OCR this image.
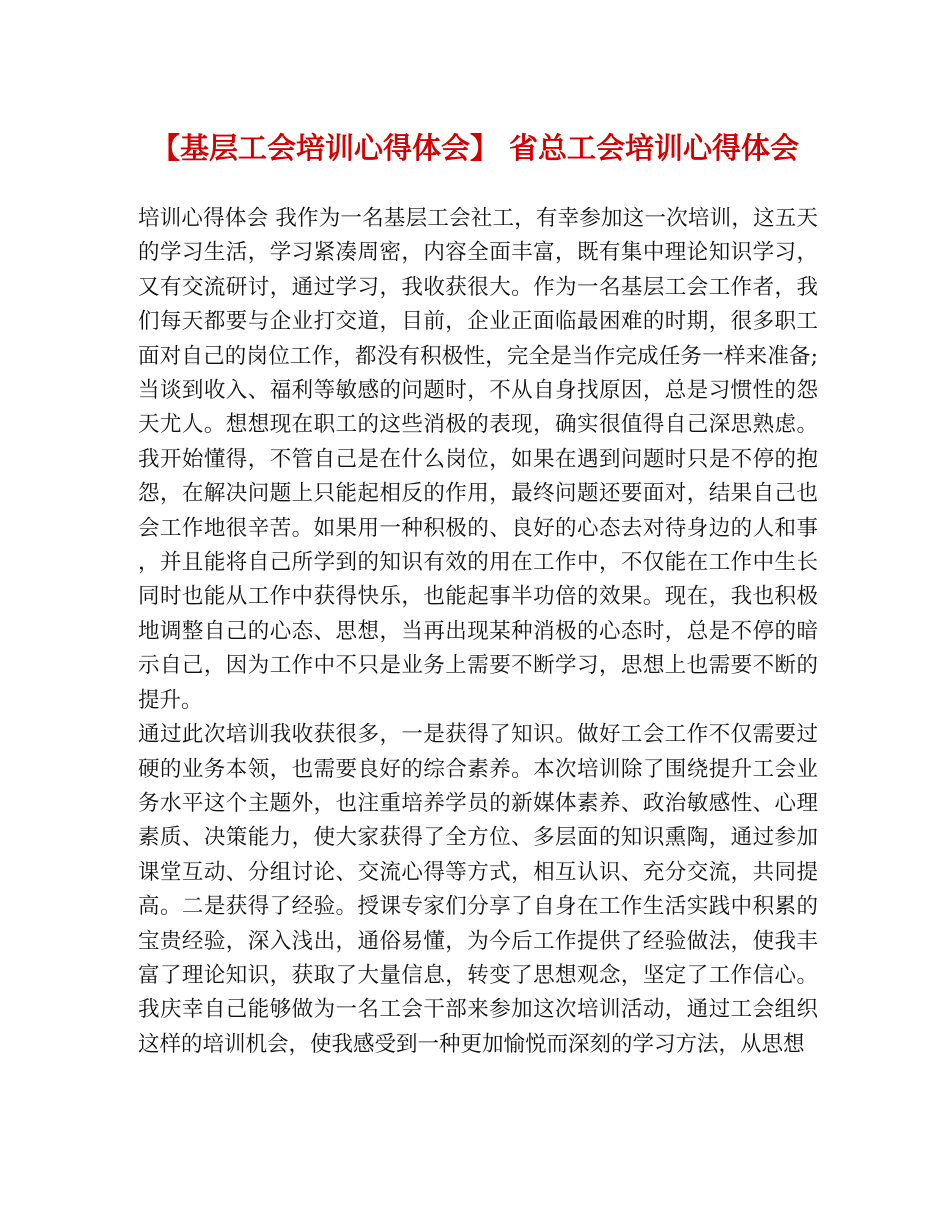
【基层工会培训心得体会】 省总工会培训心得体会

培训心得体会 我作为一名基层工会社工，有幸参加这一次培训，这五天的学习生活，学习紧凑周密，内容全面丰富，既有集中理论知识学习，又有交流研讨，通过学习，我收获很大。作为一名基层工会工作者，我们每天都要与企业打交道，目前，企业正面临最困难的时期，很多职工面对自己的岗位工作，都没有积极性，完全是当作完成任务一样来准备;当谈到收入、福利等敏感的问题时，不从自身找原因，总是习惯性的怨天尤人。想想现在职工的这些消极的表现，确实很值得自己深思熟虑。我开始懂得，不管自己是在什么岗位，如果在遇到问题时只是不停的抱怨，在解决问题上只能起相反的作用，最终问题还要面对，结果自己也会工作地很辛苦。如果用一种积极的、良好的心态去对待身边的人和事，并且能将自己所学到的知识有效的用在工作中，不仅能在工作中生长同时也能从工作中获得快乐，也能起事半功倍的效果。现在，我也积极地调整自己的心态、思想，当再出现某种消极的心态时，总是不停的暗示自己，因为工作中不只是业务上需要不断学习，思想上也需要不断的提升。

通过此次培训我收获很多，一是获得了知识。做好工会工作不仅需要过硬的业务本领，也需要良好的综合素养。本次培训除了围绕提升工会业务水平这个主题外，也注重培养学员的新媒体素养、政治敏感性、心理素质、决策能力，使大家获得了全方位、多层面的知识熏陶，通过参加课堂互动、分组讨论、交流心得等方式，相互认识、充分交流，共同提高。二是获得了经验。授课专家们分享了自身在工作生活实践中积累的宝贵经验，深入浅出，通俗易懂，为今后工作提供了经验做法，使我丰富了理论知识，获取了大量信息，转变了思想观念，坚定了工作信心。我庆幸自己能够做为一名工会干部来参加这次培训活动，通过工会组织这样的培训机会，使我感受到一种更加愉悦而深刻的学习方法，从思想
